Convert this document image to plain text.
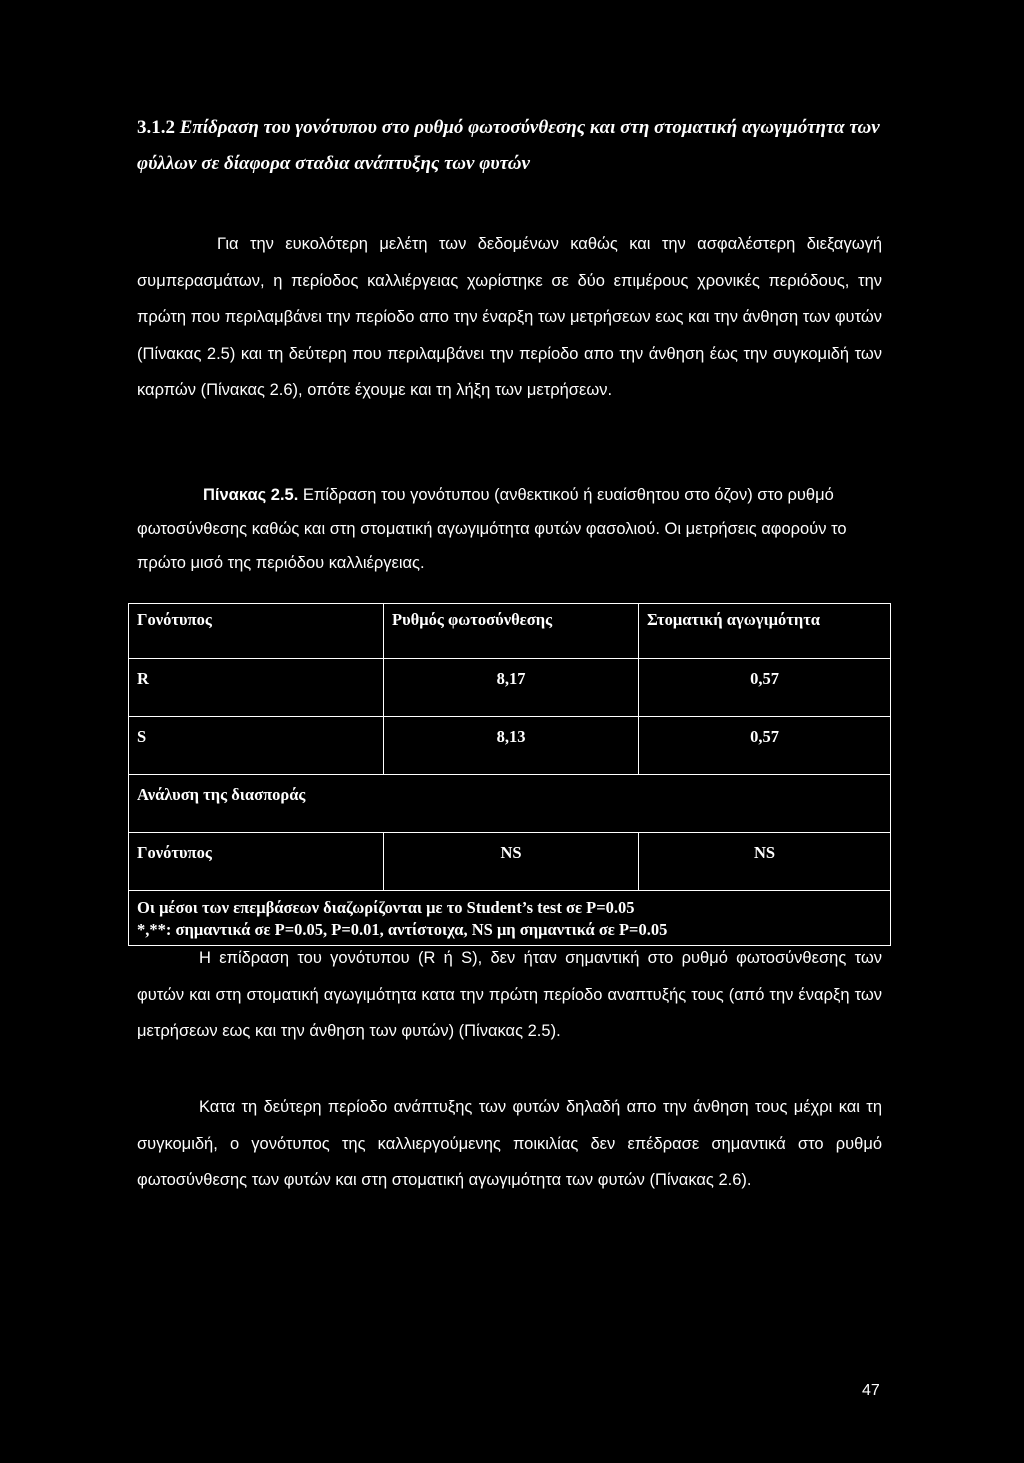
3.1.2 Επίδραση του γονότυπου στο ρυθμό φωτοσύνθεσης και στη στοματική αγωγιμότητα των φύλλων σε δίαφορα σταδια ανάπτυξης των φυτών

Για την ευκολότερη μελέτη των δεδομένων καθώς και την ασφαλέστερη διεξαγωγή συμπερασμάτων, η περίοδος καλλιέργειας χωρίστηκε σε δύο επιμέρους χρονικές περιόδους, την πρώτη που περιλαμβάνει την περίοδο απο την έναρξη των μετρήσεων εως και την άνθηση των φυτών (Πίνακας 2.5) και τη δεύτερη που περιλαμβάνει την περίοδο απο την άνθηση έως την συγκομιδή των καρπών (Πίνακας 2.6), οπότε έχουμε και τη λήξη των μετρήσεων.

Πίνακας 2.5. Επίδραση του γονότυπου (ανθεκτικού ή ευαίσθητου στο όζον) στο ρυθμό φωτοσύνθεσης καθώς και στη στοματική αγωγιμότητα φυτών φασολιού. Οι μετρήσεις αφορούν το πρώτο μισό της περιόδου καλλιέργειας.

Γονότυπος	Ρυθμός φωτοσύνθεσης	Στοματική αγωγιμότητα
R	8,17	0,57
S	8,13	0,57
Ανάλυση της διασποράς		
Γονότυπος	NS	NS

Οι μέσοι των επεμβάσεων διαζωρίζονται με το Student’s test σε P=0.05
*,**: σημαντικά σε P=0.05, P=0.01, αντίστοιχα, NS μη σημαντικά σε P=0.05		

Η επίδραση του γονότυπου (R ή S), δεν ήταν σημαντική στο ρυθμό φωτοσύνθεσης των φυτών και στη στοματική αγωγιμότητα κατα την πρώτη περίοδο αναπτυξής τους (από την έναρξη των μετρήσεων εως και την άνθηση των φυτών) (Πίνακας 2.5).

Κατα τη δεύτερη περίοδο ανάπτυξης των φυτών δηλαδή απο την άνθηση τους μέχρι και τη συγκομιδή, ο γονότυπος της καλλιεργούμενης ποικιλίας δεν επέδρασε σημαντικά στο ρυθμό φωτοσύνθεσης των φυτών και στη στοματική αγωγιμότητα των φυτών (Πίνακας 2.6).

47
